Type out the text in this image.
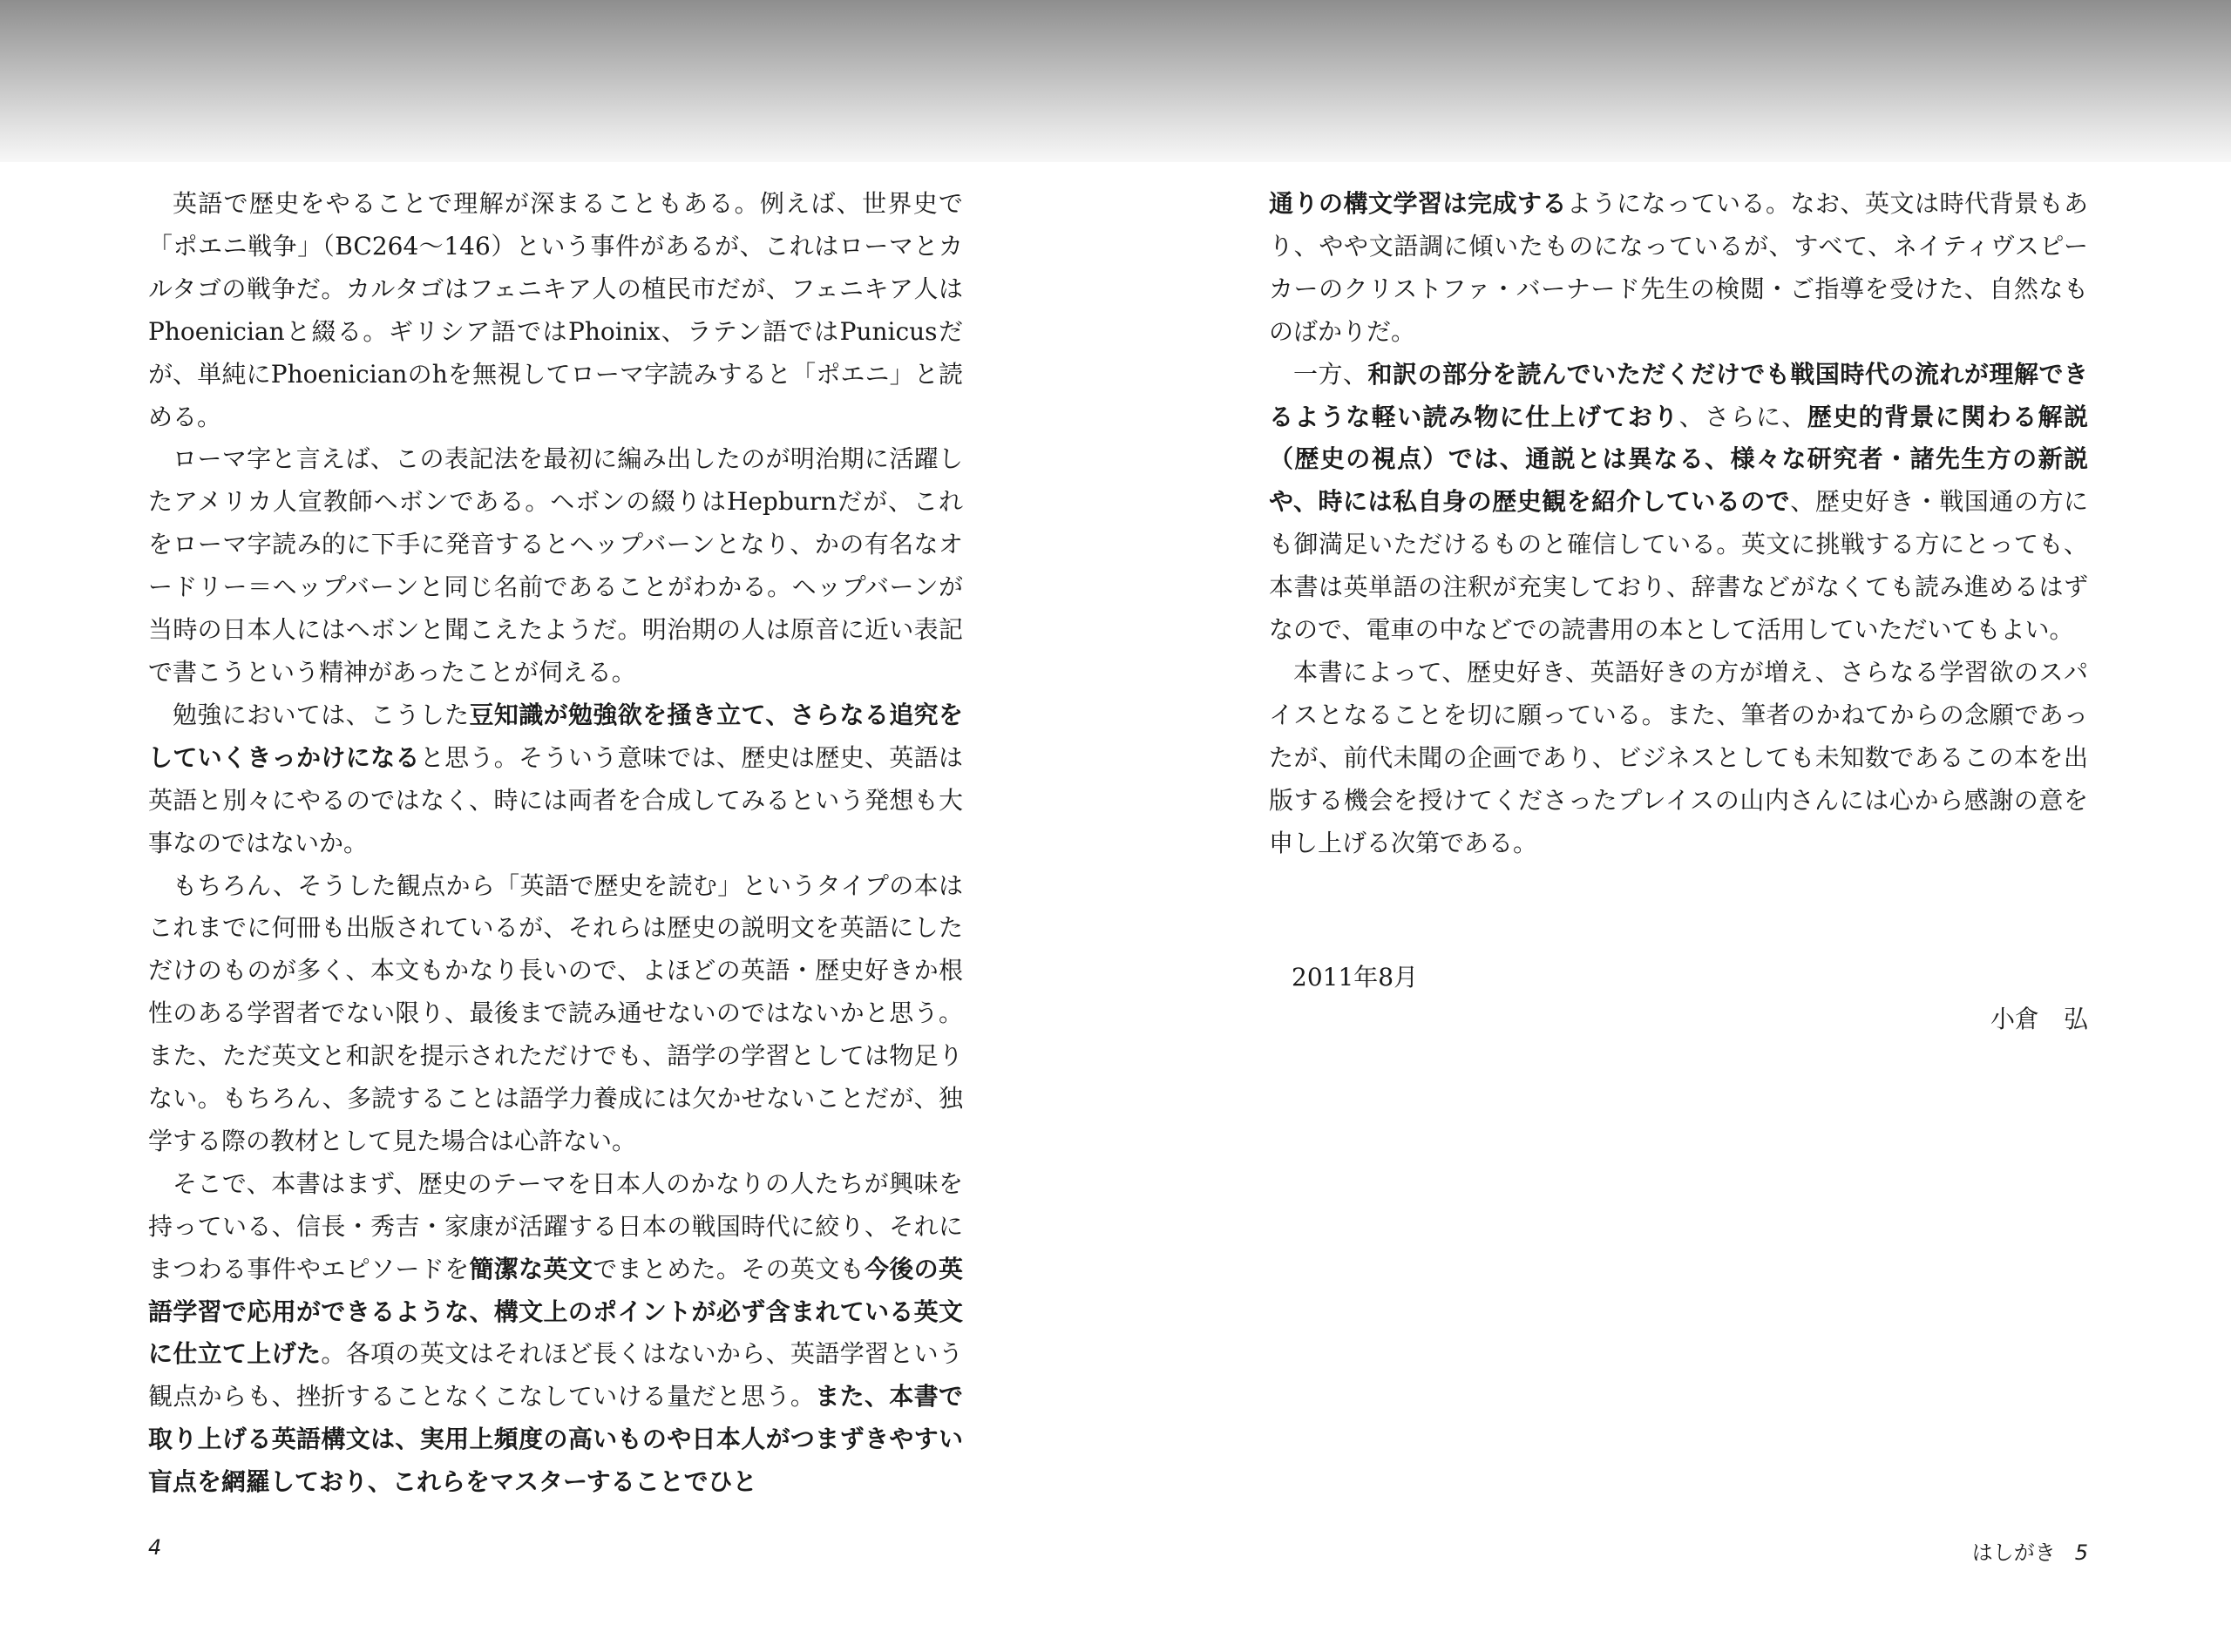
英語で歴史をやることで理解が深まることもある。例えば、世界史で「ポエニ戦争」（BC264〜146）という事件があるが、これはローマとカルタゴの戦争だ。カルタゴはフェニキア人の植民市だが、フェニキア人はPhoenicianと綴る。ギリシア語ではPhoinix、ラテン語ではPunicusだが、単純にPhoenicianのhを無視してローマ字読みすると「ポエニ」と読める。

ローマ字と言えば、この表記法を最初に編み出したのが明治期に活躍したアメリカ人宣教師ヘボンである。ヘボンの綴りはHepburnだが、これをローマ字読み的に下手に発音するとヘップバーンとなり、かの有名なオードリー＝ヘップバーンと同じ名前であることがわかる。ヘップバーンが当時の日本人にはヘボンと聞こえたようだ。明治期の人は原音に近い表記で書こうという精神があったことが伺える。

勉強においては、こうした豆知識が勉強欲を掻き立て、さらなる追究をしていくきっかけになると思う。そういう意味では、歴史は歴史、英語は英語と別々にやるのではなく、時には両者を合成してみるという発想も大事なのではないか。

もちろん、そうした観点から「英語で歴史を読む」というタイプの本はこれまでに何冊も出版されているが、それらは歴史の説明文を英語にしただけのものが多く、本文もかなり長いので、よほどの英語・歴史好きか根性のある学習者でない限り、最後まで読み通せないのではないかと思う。また、ただ英文と和訳を提示されただけでも、語学の学習としては物足りない。もちろん、多読することは語学力養成には欠かせないことだが、独学する際の教材として見た場合は心許ない。

そこで、本書はまず、歴史のテーマを日本人のかなりの人たちが興味を持っている、信長・秀吉・家康が活躍する日本の戦国時代に絞り、それにまつわる事件やエピソードを簡潔な英文でまとめた。その英文も今後の英語学習で応用ができるような、構文上のポイントが必ず含まれている英文に仕立て上げた。各項の英文はそれほど長くはないから、英語学習という観点からも、挫折することなくこなしていける量だと思う。また、本書で取り上げる英語構文は、実用上頻度の高いものや日本人がつまずきやすい盲点を網羅しており、これらをマスターすることでひと

通りの構文学習は完成するようになっている。なお、英文は時代背景もあり、やや文語調に傾いたものになっているが、すべて、ネイティヴスピーカーのクリストファ・バーナード先生の検閲・ご指導を受けた、自然なものばかりだ。

一方、和訳の部分を読んでいただくだけでも戦国時代の流れが理解できるような軽い読み物に仕上げており、さらに、歴史的背景に関わる解説（歴史の視点）では、通説とは異なる、様々な研究者・諸先生方の新説や、時には私自身の歴史観を紹介しているので、歴史好き・戦国通の方にも御満足いただけるものと確信している。英文に挑戦する方にとっても、本書は英単語の注釈が充実しており、辞書などがなくても読み進めるはずなので、電車の中などでの読書用の本として活用していただいてもよい。

本書によって、歴史好き、英語好きの方が増え、さらなる学習欲のスパイスとなることを切に願っている。また、筆者のかねてからの念願であったが、前代未聞の企画であり、ビジネスとしても未知数であるこの本を出版する機会を授けてくださったプレイスの山内さんには心から感謝の意を申し上げる次第である。

2011年8月
小倉　弘
4	はしがき 5
